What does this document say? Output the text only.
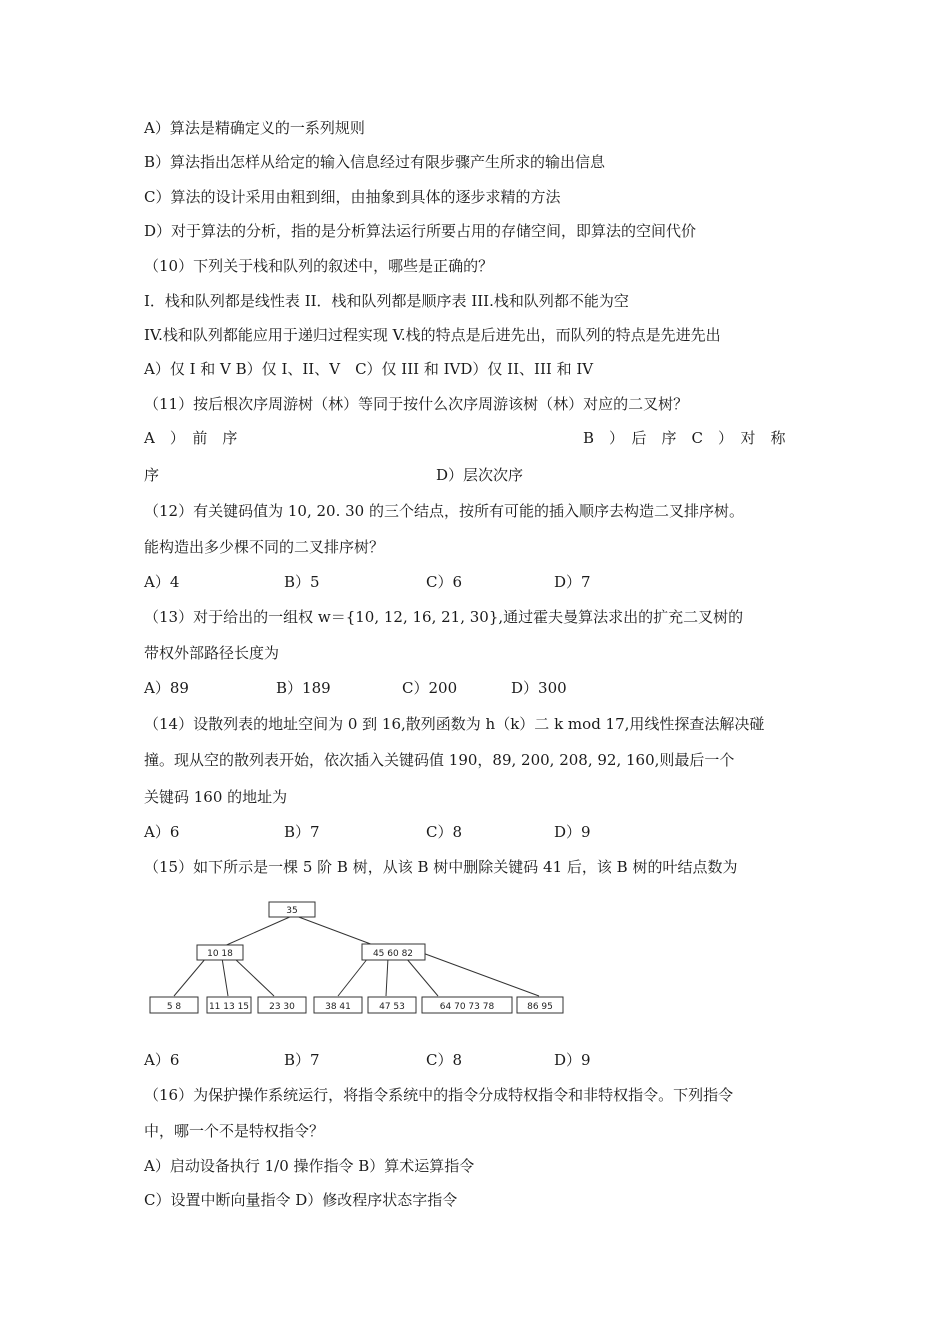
A）算法是精确定义的一系列规则
B）算法指出怎样从给定的输入信息经过有限步骤产生所求的输出信息
C）算法的设计采用由粗到细，由抽象到具体的逐步求精的方法
D）对于算法的分析，指的是分析算法运行所要占用的存储空间，即算法的空间代价
（10）下列关于栈和队列的叙述中，哪些是正确的？
I．栈和队列都是线性表 II．栈和队列都是顺序表 III.栈和队列都不能为空
IV.栈和队列都能应用于递归过程实现 V.栈的特点是后进先出，而队列的特点是先进先出
A）仅 I 和 V B）仅 I、II、V　C）仅 III 和 IVD）仅 II、III 和 IV
（11）按后根次序周游树（林）等同于按什么次序周游该树（林）对应的二叉树？
A　）　前　序	B　）　后　序　C　）　对　称
序	D）层次次序
（12）有关键码值为 10, 20. 30 的三个结点，按所有可能的插入顺序去构造二叉排序树。
能构造出多少棵不同的二叉排序树？
A）4	B）5	C）6	D）7
（13）对于给出的一组权 w＝{10, 12, 16, 21, 30},通过霍夫曼算法求出的扩充二叉树的
带权外部路径长度为
A）89	B）189	C）200	D）300
（14）设散列表的地址空间为 0 到 16,散列函数为 h（k）二 k mod 17,用线性探查法解决碰
撞。现从空的散列表开始，依次插入关键码值 190，89, 200, 208, 92, 160,则最后一个
关键码 160 的地址为
A）6	B）7	C）8	D）9
（15）如下所示是一棵 5 阶 B 树，从该 B 树中删除关键码 41 后，该 B 树的叶结点数为
35
10 18	45 60 82
5 8	11 13 15 23 30	38 41	47 53	64 70 73 78	86 95
A）6	B）7	C）8	D）9
（16）为保护操作系统运行，将指令系统中的指令分成特权指令和非特权指令。下列指令
中，哪一个不是特权指令？
A）启动设备执行 1/0 操作指令 B）算术运算指令
C）设置中断向量指令 D）修改程序状态字指令
